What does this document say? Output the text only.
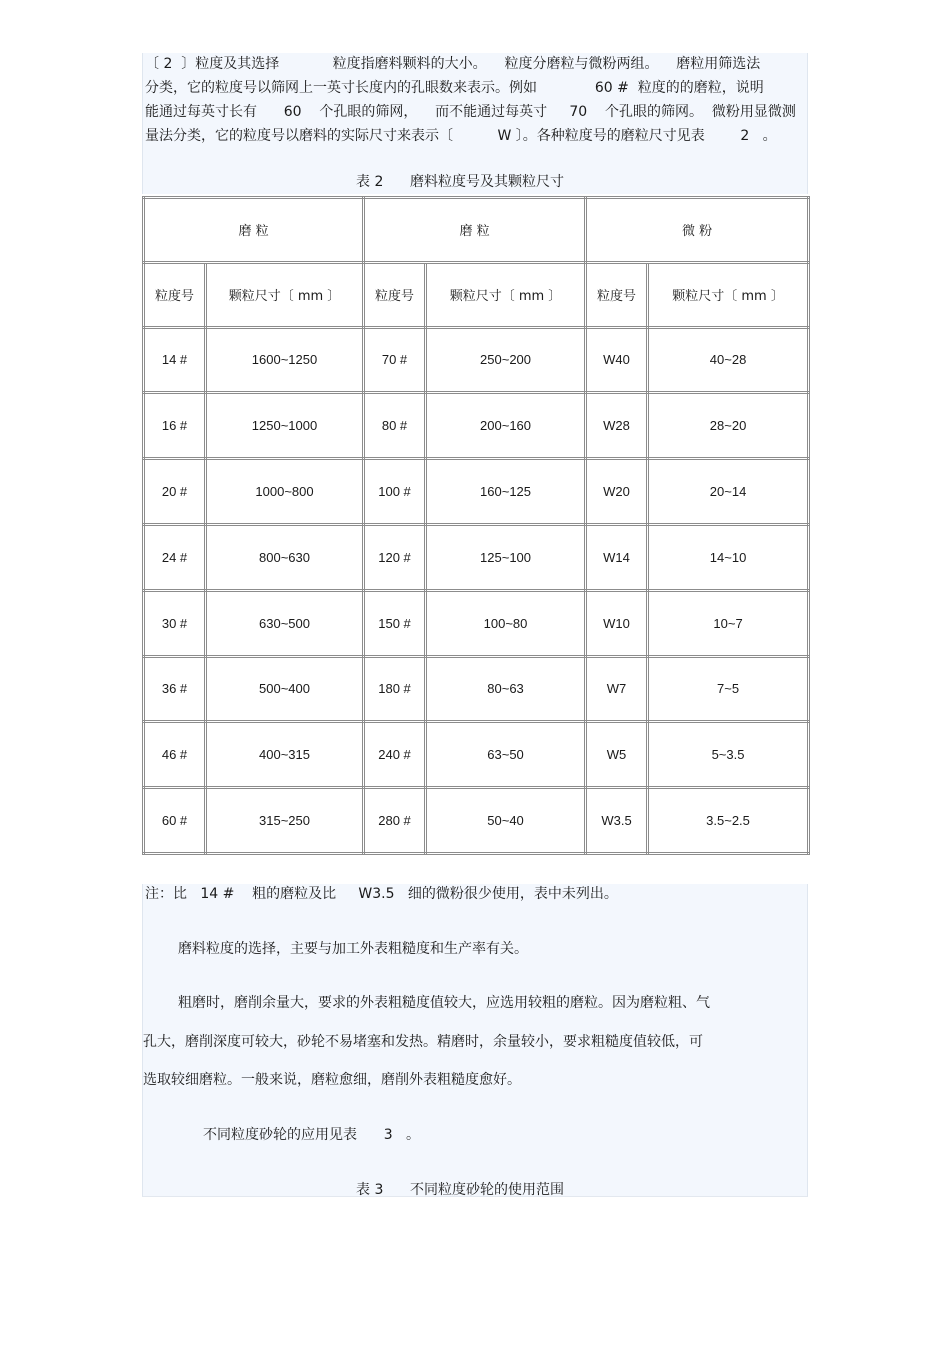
〔 2  〕粒度及其选择            粒度指磨料颗料的大小。    粒度分磨粒与微粉两组。    磨粒用筛选法
分类，它的粒度号以筛网上一英寸长度内的孔眼数来表示。例如             60 #  粒度的的磨粒，说明
能通过每英寸长有      60    个孔眼的筛网，    而不能通过每英寸     70    个孔眼的筛网。  微粉用显微测
量法分类，它的粒度号以磨料的实际尺寸来表示〔          W 〕。各种粒度号的磨粒尺寸见表        2   。
表 2      磨料粒度号及其颗粒尺寸
磨 粒		磨 粒		微 粉	
粒度号	颗粒尺寸〔 mm 〕	粒度号	颗粒尺寸〔 mm 〕	粒度号	颗粒尺寸〔 mm 〕
14 #	1600~1250	70 #	250~200	W40	40~28
16 #	1250~1000	80 #	200~160	W28	28~20
20 #	1000~800	100 #	160~125	W20	20~14
24 #	800~630	120 #	125~100	W14	14~10
30 #	630~500	150 #	100~80	W10	10~7
36 #	500~400	180 #	80~63	W7	7~5
46 #	400~315	240 #	63~50	W5	5~3.5
60 #	315~250	280 #	50~40	W3.5	3.5~2.5
注：比   14 #    粗的磨粒及比     W3.5   细的微粉很少使用，表中未列出。
磨料粒度的选择，主要与加工外表粗糙度和生产率有关。
粗磨时，磨削余量大，要求的外表粗糙度值较大，应选用较粗的磨粒。因为磨粒粗、气
孔大，磨削深度可较大，砂轮不易堵塞和发热。精磨时，余量较小，要求粗糙度值较低，可
选取较细磨粒。一般来说，磨粒愈细，磨削外表粗糙度愈好。
不同粒度砂轮的应用见表      3   。
表 3      不同粒度砂轮的使用范围
